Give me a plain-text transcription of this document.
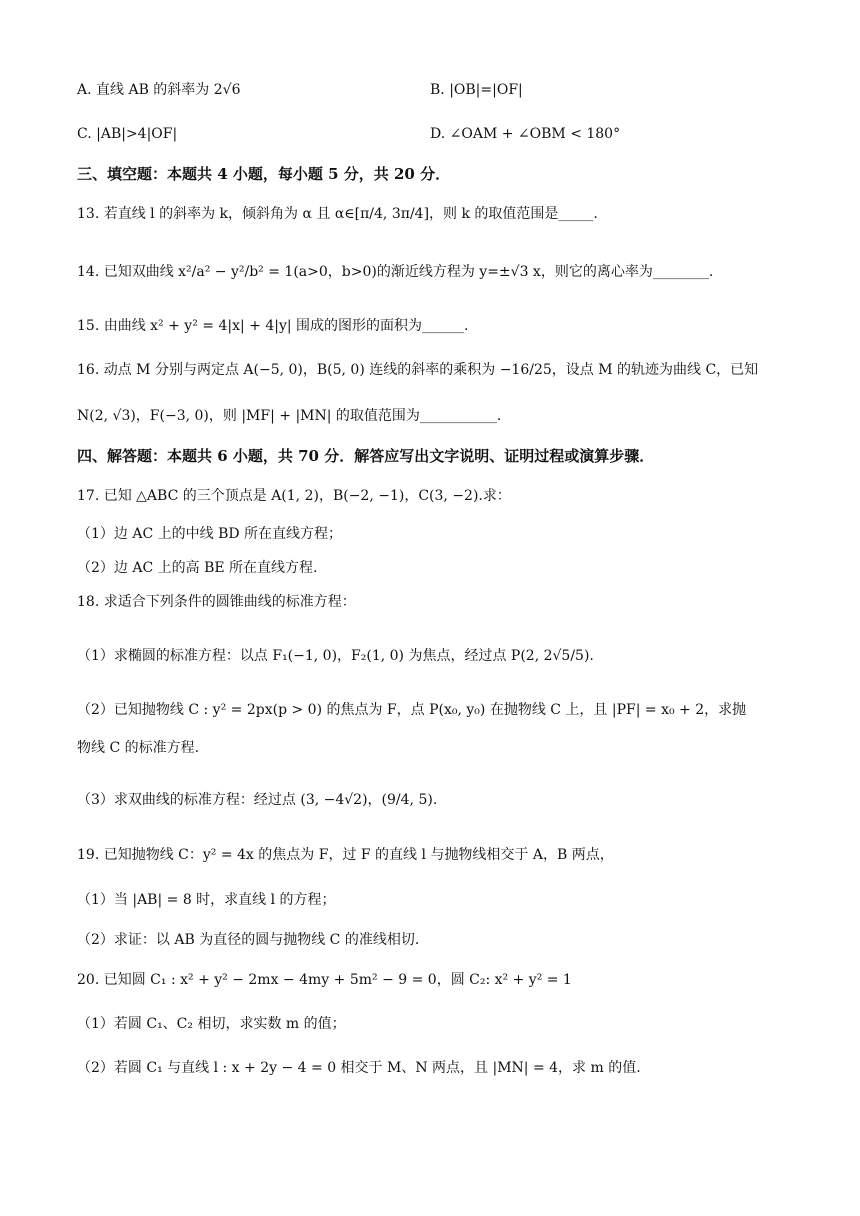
A. 直线 AB 的斜率为 2√6	B. |OB|=|OF|
C. |AB|>4|OF|	D. ∠OAM + ∠OBM < 180°
三、填空题：本题共 4 小题，每小题 5 分，共 20 分．
13. 若直线 l 的斜率为 k，倾斜角为 α 且 α∈[π/4, 3π/4]，则 k 的取值范围是_____.
14. 已知双曲线 x²/a² − y²/b² = 1(a>0，b>0)的渐近线方程为 y=±√3 x，则它的离心率为________.
15. 由曲线 x² + y² = 4|x| + 4|y| 围成的图形的面积为______.
16. 动点 M 分别与两定点 A(−5, 0)，B(5, 0) 连线的斜率的乘积为 −16/25，设点 M 的轨迹为曲线 C，已知
N(2, √3)，F(−3, 0)，则 |MF| + |MN| 的取值范围为___________.
四、解答题：本题共 6 小题，共 70 分．解答应写出文字说明、证明过程或演算步骤．
17. 已知 △ABC 的三个顶点是 A(1, 2)，B(−2, −1)，C(3, −2).求：
（1）边 AC 上的中线 BD 所在直线方程；
（2）边 AC 上的高 BE 所在直线方程.
18. 求适合下列条件的圆锥曲线的标准方程：
（1）求椭圆的标准方程：以点 F₁(−1, 0)，F₂(1, 0) 为焦点，经过点 P(2, 2√5/5).
（2）已知抛物线 C : y² = 2px(p > 0) 的焦点为 F，点 P(x₀, y₀) 在抛物线 C 上，且 |PF| = x₀ + 2，求抛
物线 C 的标准方程.
（3）求双曲线的标准方程：经过点 (3, −4√2)，(9/4, 5).
19. 已知抛物线 C：y² = 4x 的焦点为 F，过 F 的直线 l 与抛物线相交于 A，B 两点，
（1）当 |AB| = 8 时，求直线 l 的方程；
（2）求证：以 AB 为直径的圆与抛物线 C 的准线相切.
20. 已知圆 C₁ : x² + y² − 2mx − 4my + 5m² − 9 = 0，圆 C₂: x² + y² = 1
（1）若圆 C₁、C₂ 相切，求实数 m 的值；
（2）若圆 C₁ 与直线 l : x + 2y − 4 = 0 相交于 M、N 两点，且 |MN| = 4，求 m 的值.
